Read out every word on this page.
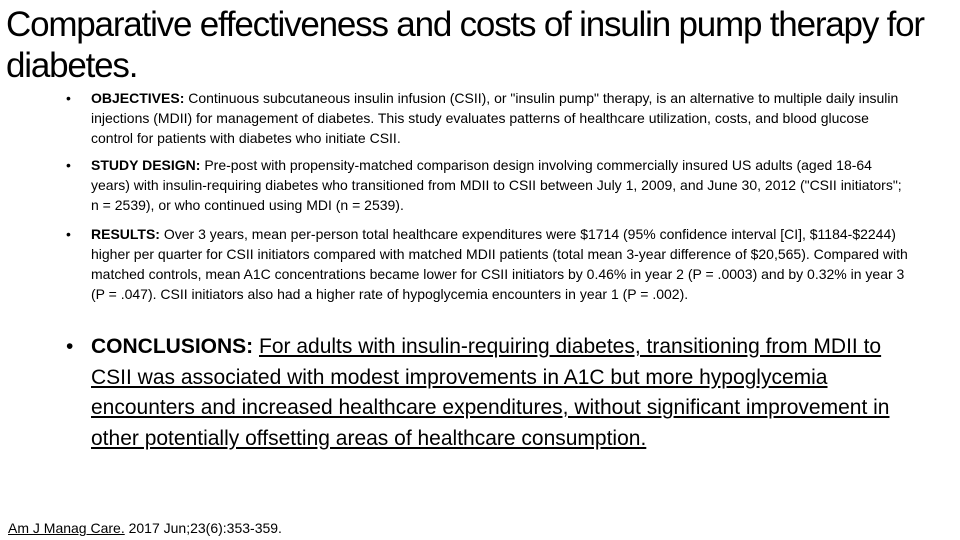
Comparative effectiveness and costs of insulin pump therapy for diabetes.
• OBJECTIVES: Continuous subcutaneous insulin infusion (CSII), or "insulin pump" therapy, is an alternative to multiple daily insulin injections (MDII) for management of diabetes. This study evaluates patterns of healthcare utilization, costs, and blood glucose control for patients with diabetes who initiate CSII.
• STUDY DESIGN: Pre-post with propensity-matched comparison design involving commercially insured US adults (aged 18-64 years) with insulin-requiring diabetes who transitioned from MDII to CSII between July 1, 2009, and June 30, 2012 ("CSII initiators"; n = 2539), or who continued using MDI (n = 2539).
• RESULTS: Over 3 years, mean per-person total healthcare expenditures were $1714 (95% confidence interval [CI], $1184-$2244) higher per quarter for CSII initiators compared with matched MDII patients (total mean 3-year difference of $20,565). Compared with matched controls, mean A1C concentrations became lower for CSII initiators by 0.46% in year 2 (P = .0003) and by 0.32% in year 3 (P = .047). CSII initiators also had a higher rate of hypoglycemia encounters in year 1 (P = .002).
• CONCLUSIONS: For adults with insulin-requiring diabetes, transitioning from MDII to CSII was associated with modest improvements in A1C but more hypoglycemia encounters and increased healthcare expenditures, without significant improvement in other potentially offsetting areas of healthcare consumption.
Am J Manag Care. 2017 Jun;23(6):353-359.
